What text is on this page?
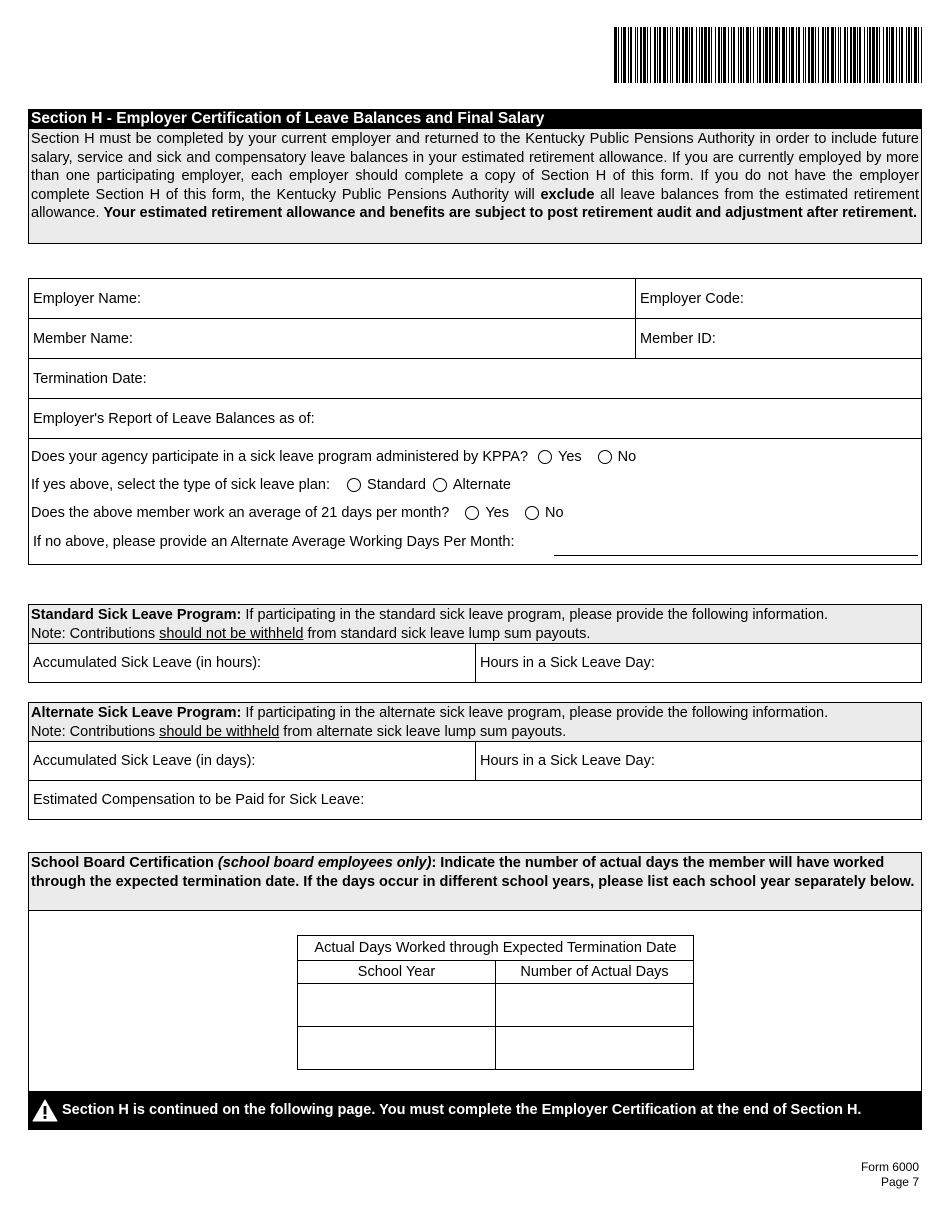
Section H - Employer Certification of Leave Balances and Final Salary
Section H must be completed by your current employer and returned to the Kentucky Public Pensions Authority in order to include future salary, service and sick and compensatory leave balances in your estimated retirement allowance. If you are currently employed by more than one participating employer, each employer should complete a copy of Section H of this form. If you do not have the employer complete Section H of this form, the Kentucky Public Pensions Authority will exclude all leave balances from the estimated retirement allowance. Your estimated retirement allowance and benefits are subject to post retirement audit and adjustment after retirement.
Employer Name:	Employer Code:
Member Name:	Member ID:
Termination Date:
Employer's Report of Leave Balances as of:
Does your agency participate in a sick leave program administered by KPPA? Yes No
If yes above, select the type of sick leave plan:	Standard Alternate
Does the above member work an average of 21 days per month? Yes No
If no above, please provide an Alternate Average Working Days Per Month:
Standard Sick Leave Program: If participating in the standard sick leave program, please provide the following information.
Note: Contributions should not be withheld from standard sick leave lump sum payouts.
Accumulated Sick Leave (in hours):	Hours in a Sick Leave Day:
Alternate Sick Leave Program: If participating in the alternate sick leave program, please provide the following information.
Note: Contributions should be withheld from alternate sick leave lump sum payouts.
Accumulated Sick Leave (in days):	Hours in a Sick Leave Day:
Estimated Compensation to be Paid for Sick Leave:
School Board Certification (school board employees only): Indicate the number of actual days the member will have worked through the expected termination date. If the days occur in different school years, please list each school year separately below.
Actual Days Worked through Expected Termination Date	
School Year	Number of Actual Days

Section H is continued on the following page. You must complete the Employer Certification at the end of Section H.
Form 6000
Page 7
